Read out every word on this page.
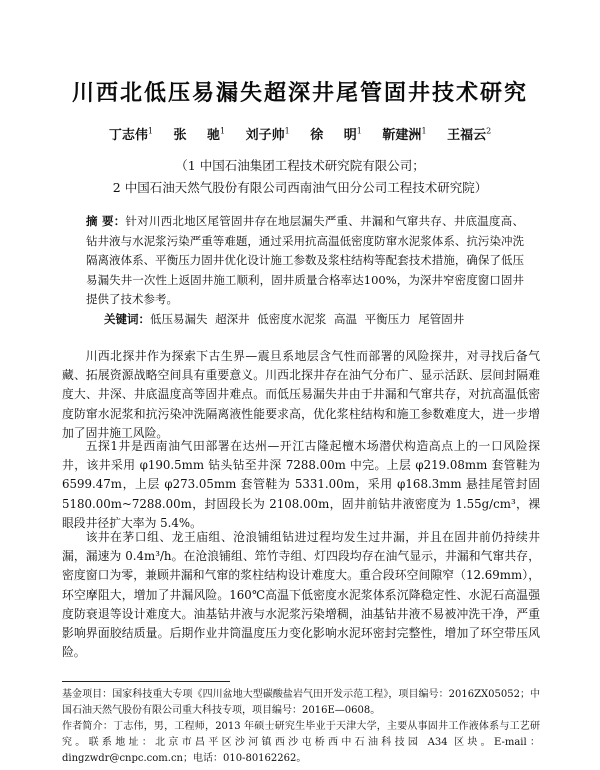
川西北低压易漏失超深井尾管固井技术研究
丁志伟$^1$ 张 驰$^1$ 刘子帅$^1$ 徐 明$^1$ 靳建洲$^1$ 王福云$^2$
（1 中国石油集团工程技术研究院有限公司；
2 中国石油天然气股份有限公司西南油气田分公司工程技术研究院）

摘 要：针对川西北地区尾管固井存在地层漏失严重、井漏和气窜共存、井底温度高、钻井液与水泥浆污染严重等难题，通过采用抗高温低密度防窜水泥浆体系、抗污染冲洗隔离液体系、平衡压力固井优化设计施工参数及浆柱结构等配套技术措施，确保了低压易漏失井一次性上返固井施工顺利，固井质量合格率达100%，为深井窄密度窗口固井提供了技术参考。

关键词：低压易漏失 超深井 低密度水泥浆 高温 平衡压力 尾管固井

川西北探井作为探索下古生界—震旦系地层含气性而部署的风险探井，对寻找后备气藏、拓展资源战略空间具有重要意义。川西北探井存在油气分布广、显示活跃、层间封隔难度大、井深、井底温度高等固井难点。而低压易漏失井由于井漏和气窜共存，对抗高温低密度防窜水泥浆和抗污染冲洗隔离液性能要求高，优化浆柱结构和施工参数难度大，进一步增加了固井施工风险。

五探1井是西南油气田部署在达州—开江古隆起檀木场潜伏构造高点上的一口风险探井，该井采用 φ190.5mm 钻头钻至井深 7288.00m 中完。上层 φ219.08mm 套管鞋为 6599.47m，上层 φ273.05mm 套管鞋为 5331.00m，采用 φ168.3mm 悬挂尾管封固 5180.00m~7288.00m，封固段长为 2108.00m，固井前钻井液密度为 1.55g/cm³，裸眼段井径扩大率为 5.4%。

该井在茅口组、龙王庙组、沧浪铺组钻进过程均发生过井漏，并且在固井前仍持续井漏，漏速为 0.4m³/h。在沧浪铺组、筇竹寺组、灯四段均存在油气显示，井漏和气窜共存，密度窗口为零，兼顾井漏和气窜的浆柱结构设计难度大。重合段环空间隙窄（12.69mm），环空摩阻大，增加了井漏风险。160℃高温下低密度水泥浆体系沉降稳定性、水泥石高温强度防衰退等设计难度大。油基钻井液与水泥浆污染增稠，油基钻井液不易被冲洗干净，严重影响界面胶结质量。后期作业井筒温度压力变化影响水泥环密封完整性，增加了环空带压风险。

基金项目：国家科技重大专项《四川盆地大型碳酸盐岩气田开发示范工程》，项目编号：2016ZX05052；中国石油天然气股份有限公司重大科技专项，项目编号：2016E—0608。

作者简介：丁志伟，男，工程师，2013 年硕士研究生毕业于天津大学，主要从事固井工作液体系与工艺研究。联系地址：北京市昌平区沙河镇西沙屯桥西中石油科技园 A34 区块。E-mail：dingzwdr@cnpc.com.cn；电话：010-80162262。
